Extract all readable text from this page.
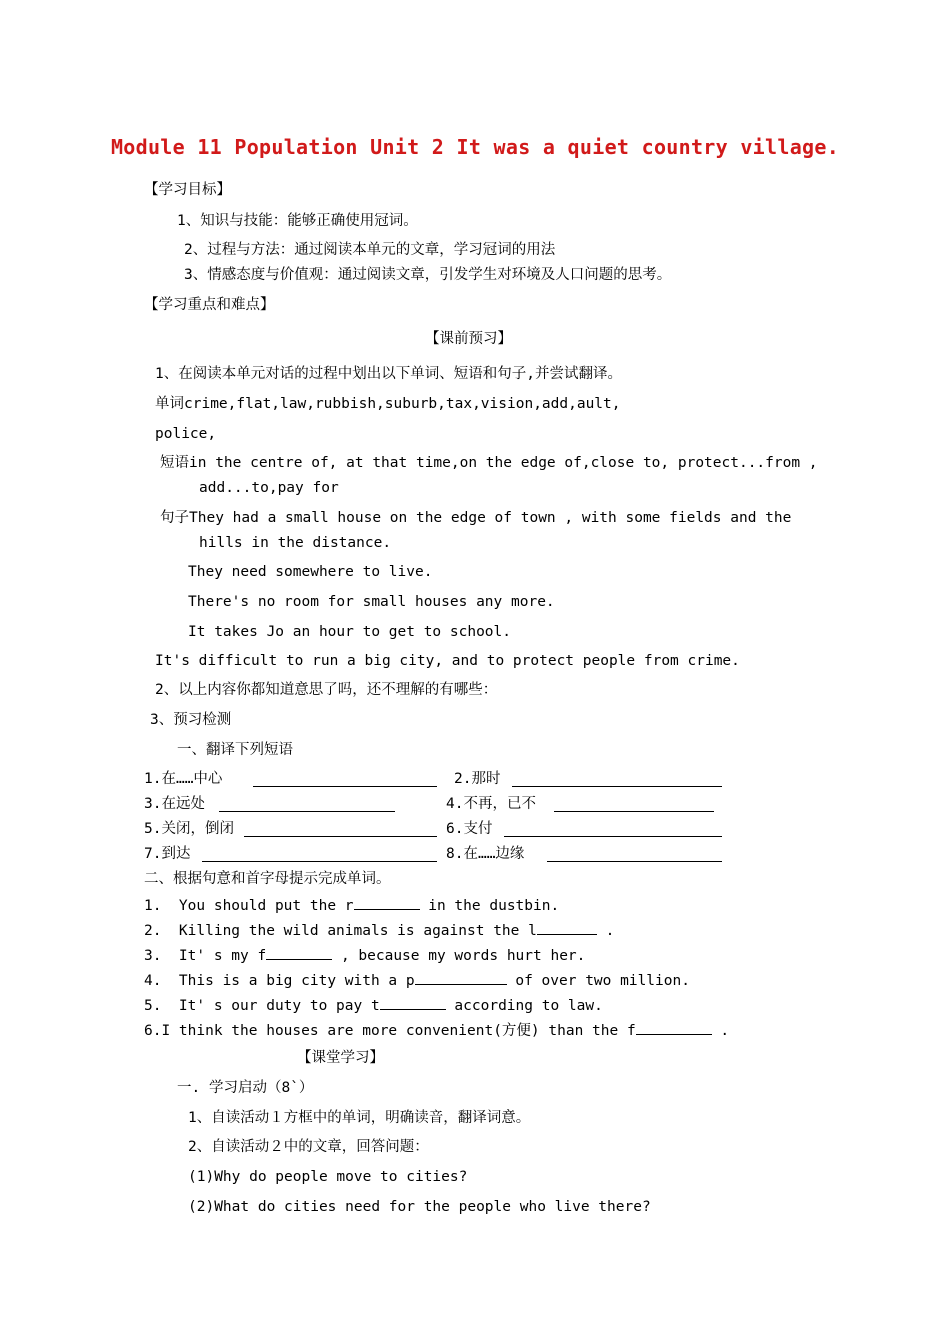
Module 11 Population Unit 2 It was a quiet country village.
【学习目标】
1、知识与技能：能够正确使用冠词。
2、过程与方法：通过阅读本单元的文章，学习冠词的用法
3、情感态度与价值观：通过阅读文章，引发学生对环境及人口问题的思考。
【学习重点和难点】
【课前预习】
1、在阅读本单元对话的过程中划出以下单词、短语和句子,并尝试翻译。
单词crime,flat,law,rubbish,suburb,tax,vision,add,ault,
police,
短语in the centre of, at that time,on the edge of,close to, protect...from ,
add...to,pay for
句子They had a small house on the edge of town , with some fields and the
hills in the distance.
They need somewhere to live.
There's no room for small houses any more.
It takes Jo an hour to get to school.
It's difficult to run a big city, and to protect people from crime.
2、以上内容你都知道意思了吗，还不理解的有哪些：
3、预习检测
一、翻译下列短语
1.在……中心	2.那时
3.在远处	4.不再，已不
5.关闭，倒闭	6.支付
7.到达	8.在……边缘
二、根据句意和首字母提示完成单词。
1.  You should put the r	in the dustbin.
2.  Killing the wild animals is against the l	.
3.  It' s my f	, because my words hurt her.
4.  This is a big city with a p	of over two million.
5.  It' s our duty to pay t	according to law.
6.I think the houses are more convenient(方便) than the f	.
【课堂学习】
一. 学习启动（8`）
1、自读活动１方框中的单词，明确读音，翻译词意。
2、自读活动２中的文章，回答问题：
(1)Why do people move to cities?
(2)What do cities need for the people who live there?
